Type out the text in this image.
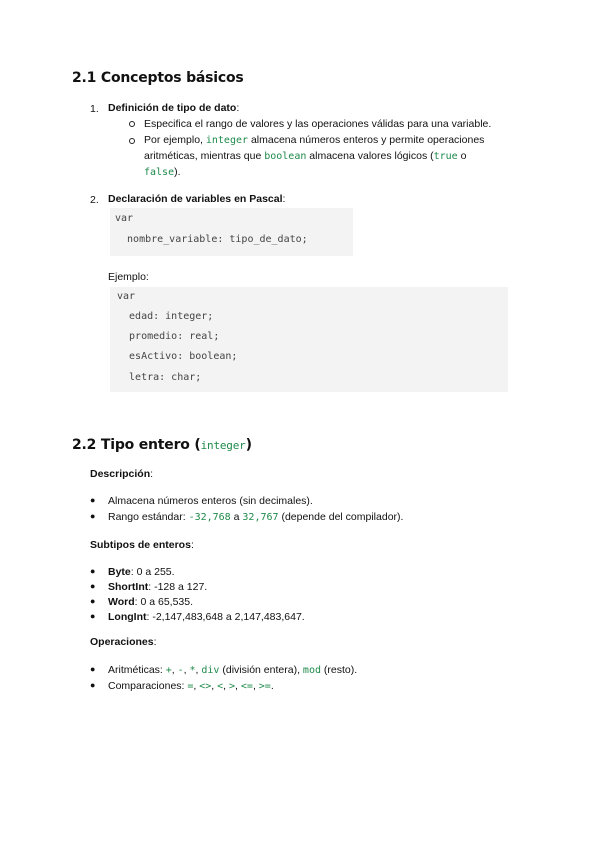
2.1 Conceptos básicos
1. Definición de tipo de dato:
Especifica el rango de valores y las operaciones válidas para una variable.
Por ejemplo, integer almacena números enteros y permite operaciones
aritméticas, mientras que boolean almacena valores lógicos (true o
false).
2. Declaración de variables en Pascal:
var
nombre_variable: tipo_de_dato;
Ejemplo:
var
edad: integer;
promedio: real;
esActivo: boolean;
letra: char;
2.2 Tipo entero (integer)
Descripción:
● Almacena números enteros (sin decimales).
● Rango estándar: -32,768 a 32,767 (depende del compilador).
Subtipos de enteros:
● Byte: 0 a 255.
● ShortInt: -128 a 127.
● Word: 0 a 65,535.
● LongInt: -2,147,483,648 a 2,147,483,647.
Operaciones:
● Aritméticas: +, -, *, div (división entera), mod (resto).
● Comparaciones: =, <>, <, >, <=, >=.
